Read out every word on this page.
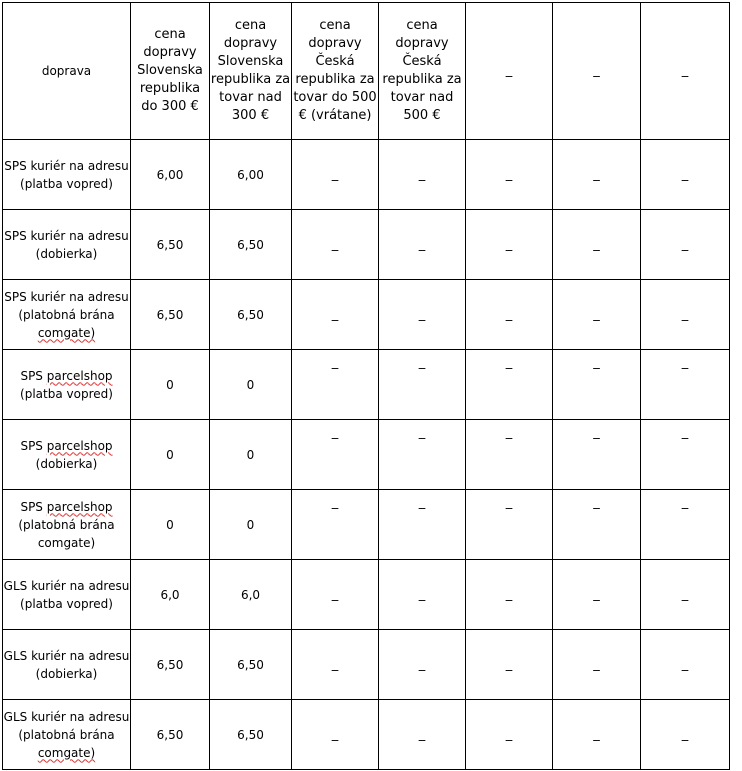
doprava	cena dopravy Slovenska republika do 300 €	cena dopravy Slovenska republika za tovar nad 300 €	cena dopravy Česká republika za tovar do 500 € (vrátane)	cena dopravy Česká republika za tovar nad 500 €	_	_	_
SPS kuriér na adresu (platba vopred)	6,00	6,00	_	_	_	_	_
SPS kuriér na adresu (dobierka)	6,50	6,50	_	_	_	_	_
SPS kuriér na adresu (platobná brána comgate)	6,50	6,50	_	_	_	_	_
SPS parcelshop (platba vopred)	0	0	_	_	_	_	_
SPS parcelshop (dobierka)	0	0	_	_	_	_	_
SPS parcelshop (platobná brána comgate)	0	0	_	_	_	_	_
GLS kuriér na adresu (platba vopred)	6,0	6,0	_	_	_	_	_
GLS kuriér na adresu (dobierka)	6,50	6,50	_	_	_	_	_
GLS kuriér na adresu (platobná brána comgate)	6,50	6,50	_	_	_	_	_
